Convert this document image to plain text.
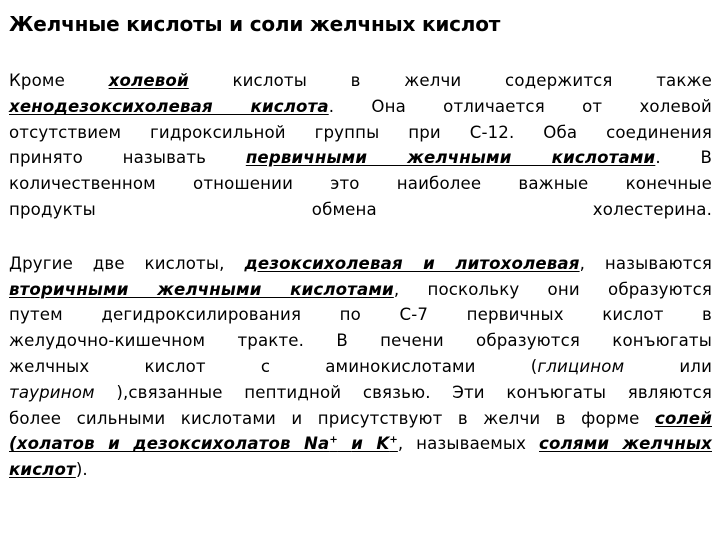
Желчные кислоты и соли желчных кислот
Кроме	холевой	кислоты в желчи содержится также
хенодезоксихолевая кислота. Она отличается от холевой
отсутствием гидроксильной группы при С-12. Оба соединения
принято называть первичными желчными кислотами. В
количественном отношении это наиболее важные конечные
продукты обмена холестерина.
Другие две кислоты, дезоксихолевая и литохолевая, называются
вторичными желчными кислотами, поскольку они образуются
путем дегидроксилирования по С-7 первичных кислот в
желудочно-кишечном тракте. В печени образуются конъюгаты
желчных кислот с аминокислотами (глицином	или
таурином ),связанные пептидной связью. Эти конъюгаты являются
более сильными кислотами и присутствуют в желчи в форме солей
(холатов и дезоксихолатов Na+ и K+, называемых солями желчных
кислот).
